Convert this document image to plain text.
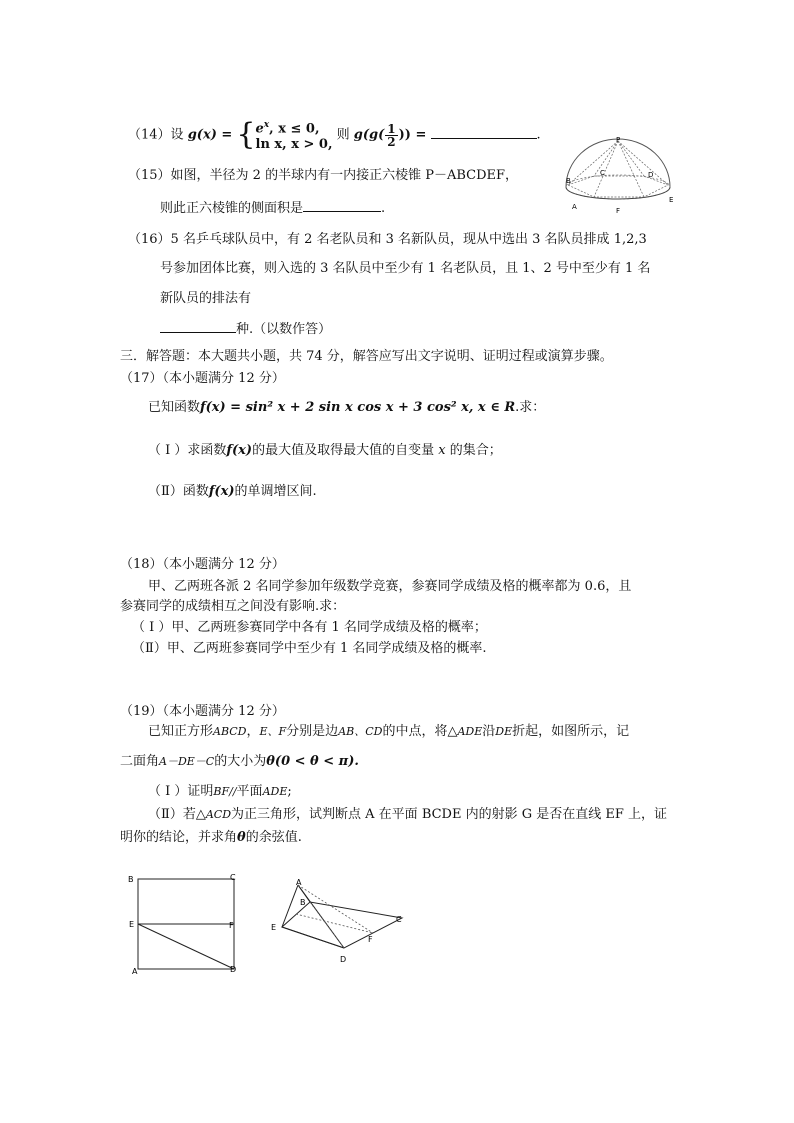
（14）设 g(x) = { $e^x$, x ≤ 0,
ln x, x > 0,
则 $g(g( \frac{1}{2}$ )) =	.
（15）如图，半径为 2 的半球内有一内接正六棱锥 P－ABCDEF，
则此正六棱锥的侧面积是	.
P
B
C	D
A	F
E
（16）5 名乒乓球队员中，有 2 名老队员和 3 名新队员，现从中选出 3 名队员排成 1,2,3
号参加团体比赛，则入选的 3 名队员中至少有 1 名老队员，且 1、2 号中至少有 1 名
新队员的排法有
种.（以数作答）
三．解答题：本大题共小题，共 74 分，解答应写出文字说明、证明过程或演算步骤。
（17）（本小题满分 12 分）
已知函数f(x) = sin² x + 2 sin x cos x + 3 cos² x, x ∈ R.求：
（ I ）求函数f(x)的最大值及取得最大值的自变量 x 的集合；
（Ⅱ）函数f(x)的单调增区间.
（18）（本小题满分 12 分）
甲、乙两班各派 2 名同学参加年级数学竞赛，参赛同学成绩及格的概率都为 0.6，且
参赛同学的成绩相互之间没有影响.求：
（ I ）甲、乙两班参赛同学中各有 1 名同学成绩及格的概率；
（Ⅱ）甲、乙两班参赛同学中至少有 1 名同学成绩及格的概率.
（19）（本小题满分 12 分）
已知正方形ABCD，E、F分别是边AB、CD的中点，将△ADE沿DE折起，如图所示，记
二面角A－DE－C的大小为θ(0 < θ < π).
（ I ）证明BF//平面ADE;
（Ⅱ）若△ACD为正三角形，试判断点 A 在平面 BCDE 内的射影 G 是否在直线 EF 上，证
明你的结论，并求角θ的余弦值.
B	C
E	F
A	D
A
B
E
C
F
D
